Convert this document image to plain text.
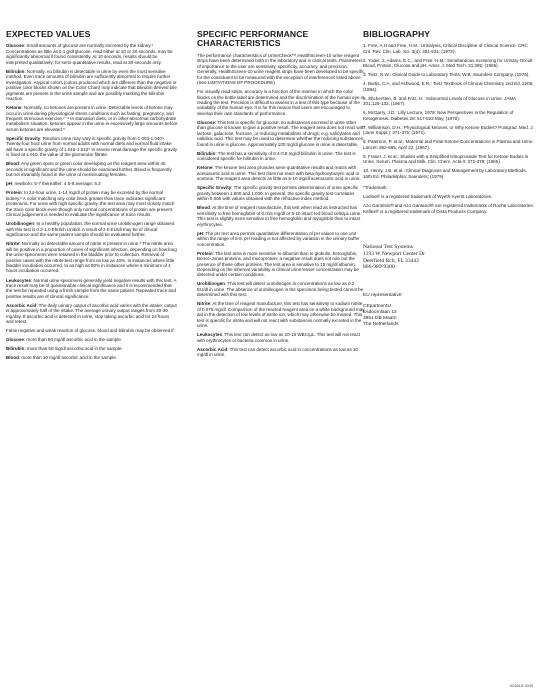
EXPECTED VALUES
Glucose: Small amounts of glucose are normally excreted by the kidney.¹ Concentrations as little as 0.1 g/dl glucose, read either at 10 or 30 seconds, may be significantly abnormal if found consistently. At 10 seconds, results should be interpreted qualitatively; for semi-quantitative results, read at 30 seconds only.
Bilirubin: Normally, no bilirubin is detectable in urine by even the most sensitive method. Even trace amounts of bilirubin are sufficiently abnormal to require further investigation. Atypical colors (colors produced which are different than the negative or positive color blocks shown on the Color Chart) may indicate that bilirubin derived bile pigments are present in the urine sample and are possibly masking the bilirubin reaction.
Ketone: Normally, no ketones are present in urine. Detectable levels of ketone may occur in urine during physiological stress conditions such as fasting, pregnancy, and frequent strenuous exercise.²⁻⁴ In starvation diets, or in other abnormal carbohydrate metabolism situation, ketones appear in the urine in excessively large amounts before serum ketones are elevated.⁵
Specific Gravity: Random urine may vary in specific gravity from 1.003-1.040⁶. Twenty-four hour urine from normal adults with normal diets and normal fluid intake will have a specific gravity of 1.016-1.022⁶ In severe renal damage the specific gravity is fixed at 1.010, the value of the glomerular filtrate.
Blood: Any green spots or green color developing on the reagent area within 40 seconds is significant and the urine should be examined further. Blood is frequently, but not invariably found in the urine of menstruating females.
pH: newborn: 5-7 thereafter: 4.5-8 average: 6.3
Protein: In 24-hour urine, 1-14 mg/dl of protein may be excreted by the normal kidney.⁶ A color matching any color block greater than trace indicates significant proteinuria. For urine with high specific gravity, the test area may most closely match the trace color block even though only normal concentrations of protein are present. Clinical judgement is needed to evaluate the significance of trace results.
Urobilinogen: In a healthy population, the normal urine urobilinogen range obtained with this test is 0.2-1.0 Ehrlich Unit/dl. A result of 2.0 EU/dl may be of clinical significance and the same patient sample should be evaluated further.
Nitrite: Normally no detectable amount of nitrite is present in urine.⁶ The nitrite area will be positive in a proportion of cases of significant infection, depending on how long the urine specimens were retained in the bladder prior to collection. Retrieval of positive cases with the nitrite test range from as low as 40%, in instances where little bladder incubation occurred, to as high as 80% in instances where a minimum of 4 hours incubation occurred.
Leukocytes: Normal urine specimens generally yield negative results with this test. A trace result may be of questionable clinical significance and it is recommended that the test be repeated using a fresh sample from the same patient. Repeated trace and positive results are of clinical significance.
Ascorbic Acid: The daily urinary output of ascorbic acid varies with the intake; output is approximately half of the intake. The average urinary output ranges from 20-30 mg/day. If ascorbic acid is detected in urine, stop taking ascorbic acid for 24 hours and retest.
False negative and weak reaction of glucose, blood and bilirubin may be observed if:
Glucose: more than 50 mg/dl ascorbic acid in the sample.
Bilirubin: more than 50 mg/dl ascorbic acid in the sample.
Blood: more than 10 mg/dl ascorbic acid in the sample.
SPECIFIC PERFORMANCE
CHARACTERISTICS
The performance characteristics of UrineCheck™ HealthScreen-10 urine reagent strips have been determined both in the laboratory and in clinical tests. Parameters of importance to the user are sensitivity, specificity, accuracy, and precision. Generally, HealthScreen-10 urine reagent strips have been developed to be specific for the constituent to be measured with the exception of interferences listed above. (See LIMITATIONS OF PROCEDURE)
For visually read strips, accuracy is a function of the manner in which the color blocks on the bottle label are determined and the discrimination of the human eye in reading the test. Precision is difficult to assess in a test of this type because of the variability of the human eye. It is for this reason that users are encouraged to develop their own standards of performance.
Glucose: This test is specific for glucose; no substances excreted in urine other than glucose is known to give a positive result. The reagent area does not react with lactose, galactose, fructose, or reducing metabolites of drugs; e.g. salicylates and nalidixic acid. This test may be used to determine whether the reducing substances found in urine is glucose. Approximately 100 mg/dl glucose in urine is detectable.
Bilirubin: The test has a sensitivity of 0.4-0.8 mg/dl bilirubin in urine. The test is considered specific for bilirubin in urine.
Ketone: The ketone test area provides semi-quantitative results and reacts with acetoacetic acid in urine. This test does not react with beta-hydroxybutyric acid or acetone. The reagent area detects as little as 5-10 mg/dl acetoacetic acid in urine.
Specific Gravity: The specific gravity test permits determination of urine specific gravity between 1.000 and 1.030. In general, the specific gravity test correlates within 0.005 with values obtained with the refractive index method.
Blood: At the time of reagent manufacture, this test when read as instructed has sensitivity to free hemoglobin of 0.015 mg/dl or 5-10 intact red blood cells/µL urine. This test is slightly more sensitive to free hemoglobin and myoglobin than to intact erythrocytes.
pH: The pH test area permits quantitative differentiation of pH values to one unit within the range of 5-9. pH reading is not affected by variation in the urinary buffer concentration.
Protein: The test area is more sensitive to albumin than to globulin, hemoglobin, Bence-Jones proteins, and mucoprotein; a negative result does not rule out the presence of these other proteins. The test area is sensitive to 15 mg/dl albumin. Depending on the inherent variability in clinical urine lesser concentration may be detected under certain conditions.
Urobilinogen: This test will detect urobilinogen in concentrations as low as 0.2 EU/dl in urine. The absence of urobilinogen in the specimen being tested cannot be determined with this test.
Nitrite: At the time of reagent manufacture, this test has sensitivity to sodium nitrite of 0.075 mg/dl. Comparison of the reacted reagent area on a white background may aid in the detection of low levels of nitrite ion, which may otherwise be missed. This test is specific for nitrite and will not react with substances normally excreted in the urine.
Leukocytes: This test can detect as low as 10-15 WBC/µL. This test will not react with erythrocytes or bacteria common in urine.
Ascorbic Acid: This test can detect ascorbic acid in concentrations as low as 10 mg/dl in urine.
BIBLIOGRAPHY
1. Free, A.H and Free, H.M.: Urinalysis, Critical Discipline of Clinical Science. CRC Crit. Rev. Clin. Lab. Sci. 3(4): 481-531; (1972).
2. Yoder, J.,Adams, E.C., and Free. H.M.: Simultaneous Screening for Urinary Occult Blood, Protein, Glucose and pH. Amer. J. Med Tech. 31:285; (1965).
3. Tietz, N.W.: Clinical Guide to Laboratory Tests; W.B. Saunders Company, (1976).
4. Burtis, C.A. and Ashwood, E.R.: Tietz Textbook of Clinical Chemistry 2nd Ed. 2205; (1994).
5. Shchersten, B. and Fritz, H.: Subnormal Levels of Glucose in Urine. JAMA 201:129-132; (1967).
6. McGarry, J.D.: Lilly Lecture, 1978: New Perspectives in the Regulation of Ketogenesis. Diabetes 28: 517-523 May, (1978).
7. Williamson, D.H.: Physiological ketoses, or Why Ketone Bodies? Postgrad. Med. J. (June Suppl.): 371-375; (1971).
8. Paterson, P. et al.: Maternal and Fetal Ketone Concentrations in Plasma and Urine. Lancet: 862-865; April 22, (1967).
9. Fraser, J. et al.: Studies with a Simplified Nitroprusside Test for Ketone Bodies in Urine, Serum, Plasma and Milk. Clin. Chem. Acta II: 372-378; (1965).
10. Henry, J.B. et al.: Clinical Diagnosis and Management by Laboratory Methods, 16th Ed. Philadelphia: Saunders; (1979).
*Trademark:
Lodine® is a registered trademark of Wyeth-Ayerst Laboratories.
Azo Gantrisin® and Azo Gantanol® are registered trademarks of Roche Laboratories. Keflex® is a registered trademark of Dista Products Company.
National Test Systems
1193 W Newport Center Dr
Deerfield Bch, FL 33442
866-989-9300
EU representative:
CEpartner4U
Esdoornlaan 13
3951 DB Maarn
The Netherlands
DD165-B 10/05
